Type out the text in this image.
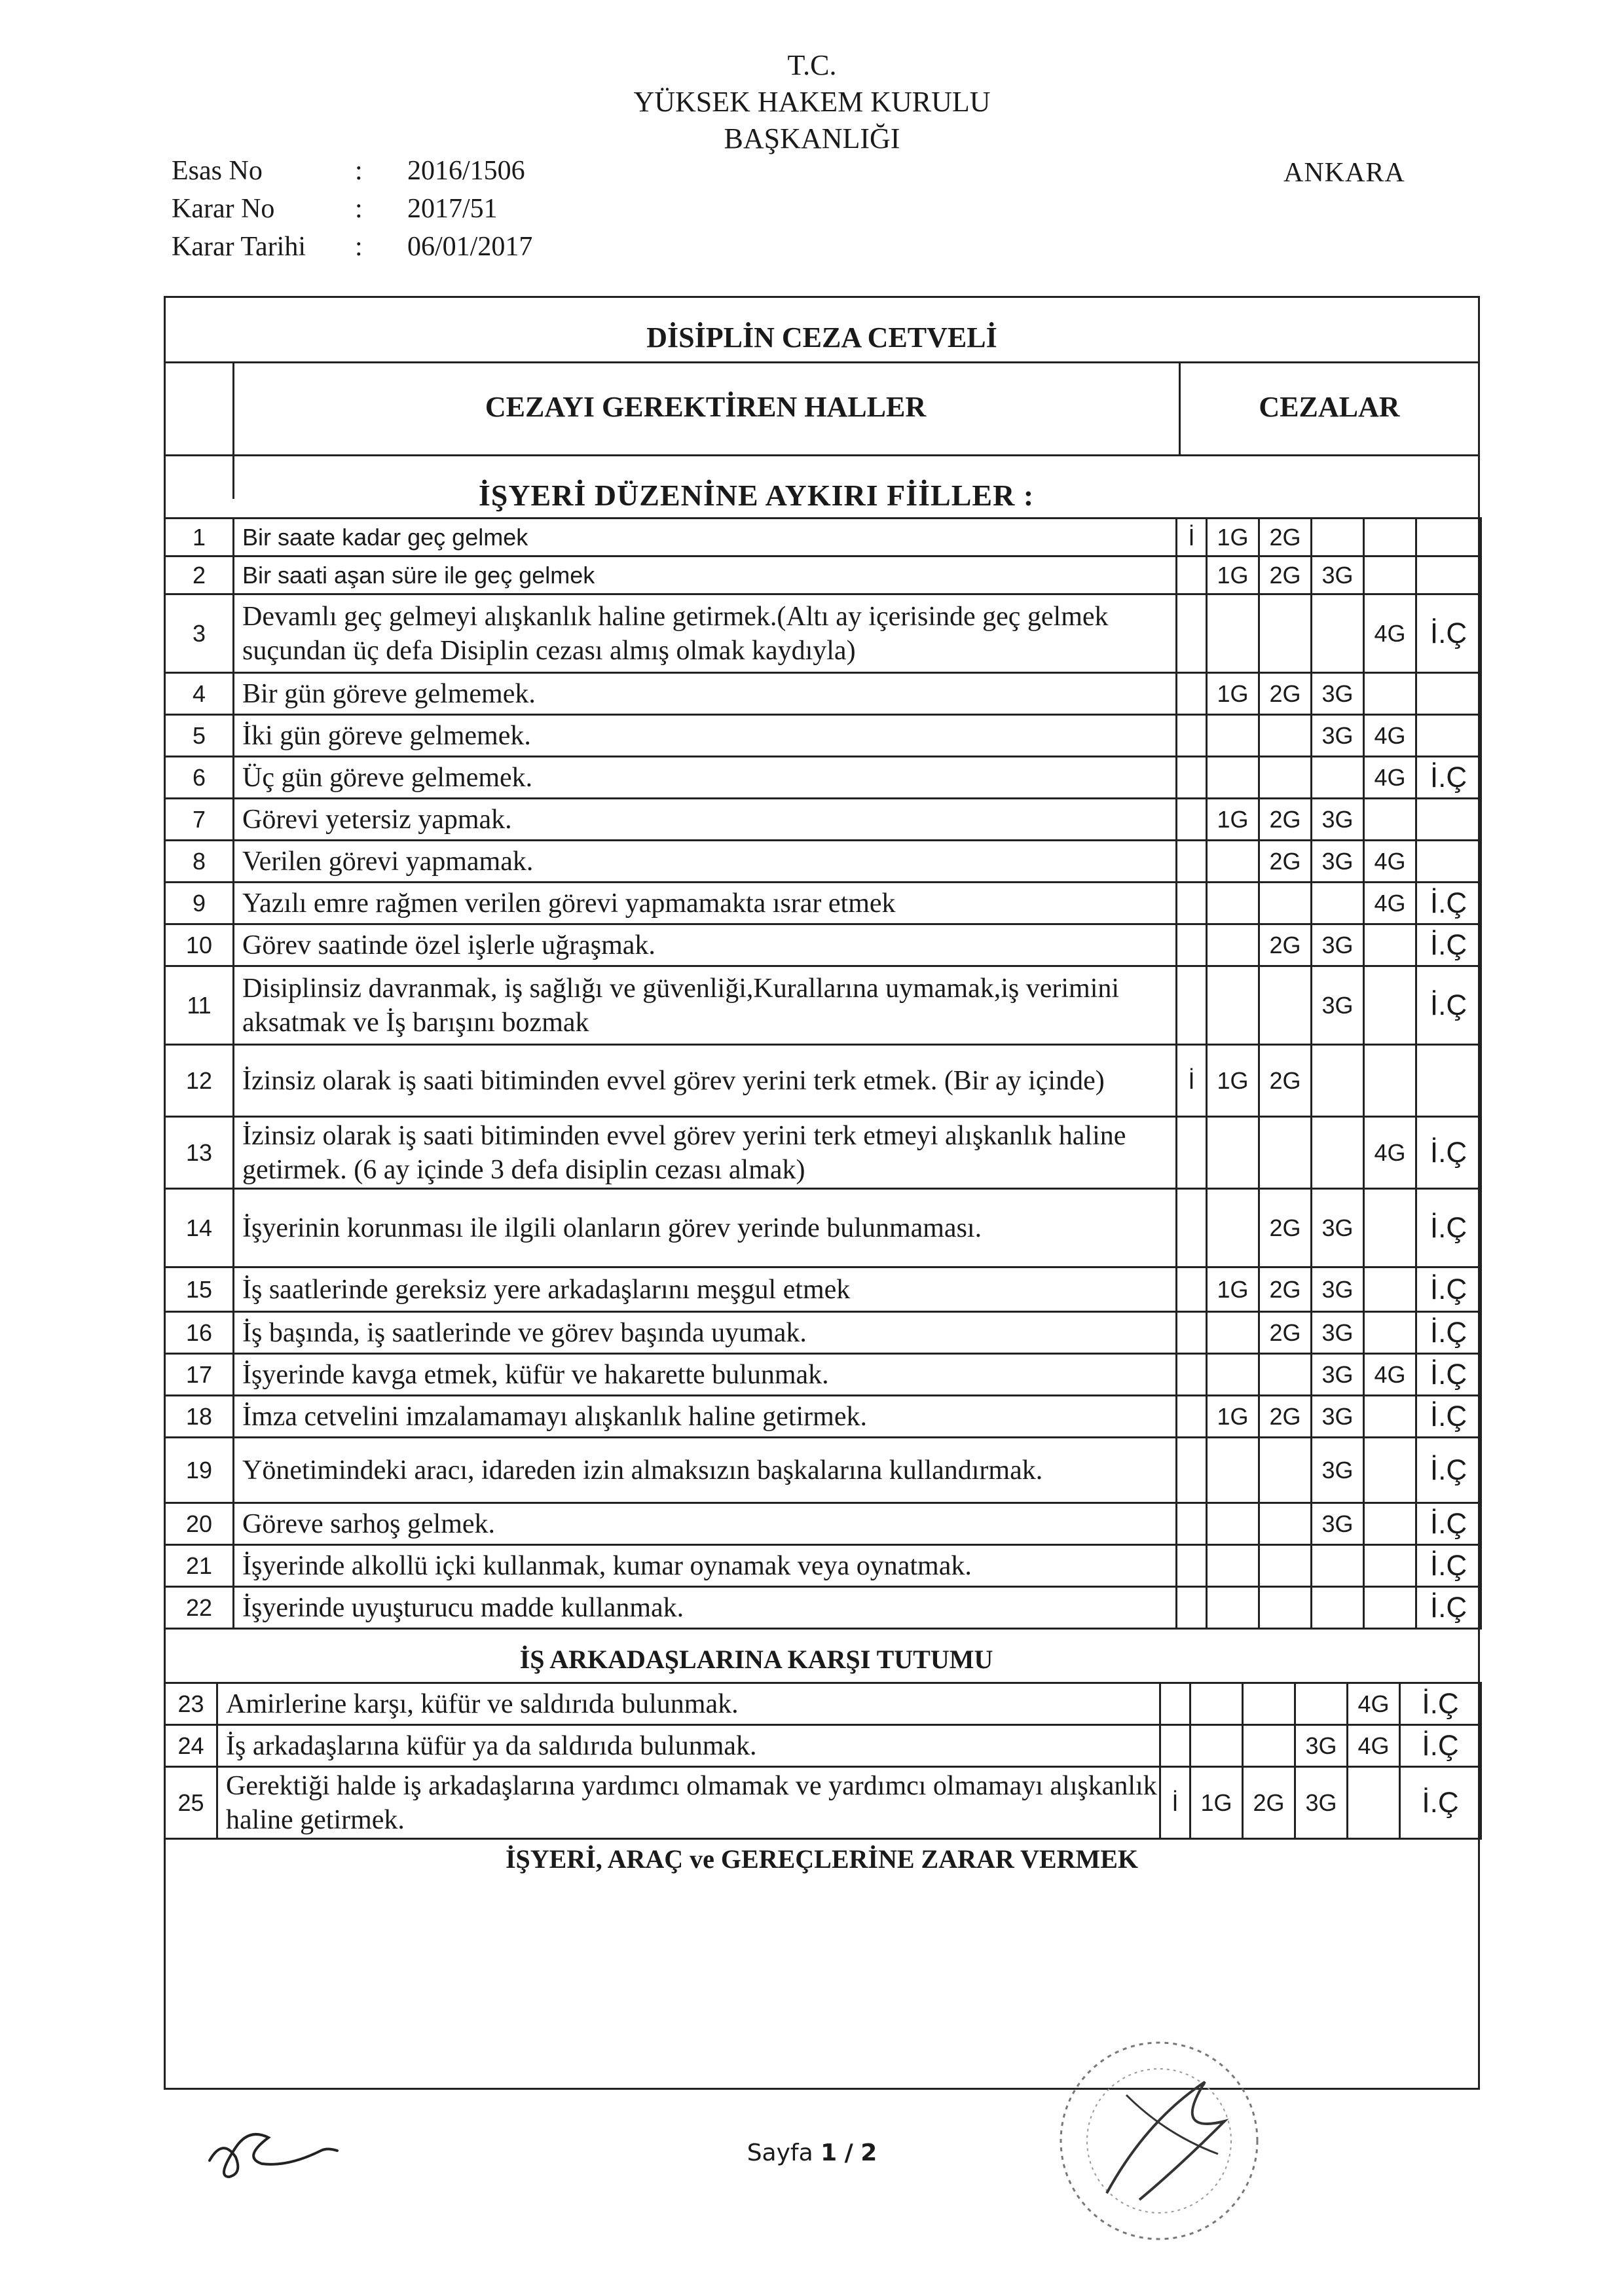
T.C.
YÜKSEK HAKEM KURULU
BAŞKANLIĞI
Esas No	:	2016/1506
Karar No	:	2017/51
Karar Tarihi	:	06/01/2017
ANKARA
DİSİPLİN CEZA CETVELİ
CEZAYI GEREKTİREN HALLER	CEZALAR
İŞYERİ DÜZENİNE AYKIRI FİİLLER :
1	Bir saate kadar geç gelmek	İ	1G	2G			
2	Bir saati aşan süre ile geç gelmek		1G	2G	3G		
3	Devamlı geç gelmeyi alışkanlık haline getirmek.(Altı ay içerisinde geç gelmek suçundan üç defa Disiplin cezası almış olmak kaydıyla)					4G	İ.Ç
4	Bir gün göreve gelmemek.		1G	2G	3G		
5	İki gün göreve gelmemek.				3G	4G	
6	Üç gün göreve gelmemek.					4G	İ.Ç
7	Görevi yetersiz yapmak.		1G	2G	3G		
8	Verilen görevi yapmamak.			2G	3G	4G	
9	Yazılı emre rağmen verilen görevi yapmamakta ısrar etmek					4G	İ.Ç
10	Görev saatinde özel işlerle uğraşmak.			2G	3G		İ.Ç
11	Disiplinsiz davranmak, iş sağlığı ve güvenliği,Kurallarına uymamak,iş verimini aksatmak ve İş barışını bozmak				3G		İ.Ç
12	İzinsiz olarak iş saati bitiminden evvel görev yerini terk etmek. (Bir ay içinde)	İ	1G	2G			
13	İzinsiz olarak iş saati bitiminden evvel görev yerini terk etmeyi alışkanlık haline getirmek. (6 ay içinde 3 defa disiplin cezası almak)					4G	İ.Ç
14	İşyerinin korunması ile ilgili olanların görev yerinde bulunmaması.			2G	3G		İ.Ç
15	İş saatlerinde gereksiz yere arkadaşlarını meşgul etmek		1G	2G	3G		İ.Ç
16	İş başında, iş saatlerinde ve görev başında uyumak.			2G	3G		İ.Ç
17	İşyerinde kavga etmek, küfür ve hakarette bulunmak.				3G	4G	İ.Ç
18	İmza cetvelini imzalamamayı alışkanlık haline getirmek.		1G	2G	3G		İ.Ç
19	Yönetimindeki aracı, idareden izin almaksızın başkalarına kullandırmak.				3G		İ.Ç
20	Göreve sarhoş gelmek.				3G		İ.Ç
21	İşyerinde alkollü içki kullanmak, kumar oynamak veya oynatmak.						İ.Ç
22	İşyerinde uyuşturucu madde kullanmak.						İ.Ç
İŞ ARKADAŞLARINA KARŞI TUTUMU
23	Amirlerine karşı, küfür ve saldırıda bulunmak.					4G	İ.Ç
24	İş arkadaşlarına küfür ya da saldırıda bulunmak.				3G	4G	İ.Ç
25	Gerektiği halde iş arkadaşlarına yardımcı olmamak ve yardımcı olmamayı alışkanlık haline getirmek.	İ	1G	2G	3G		İ.Ç
İŞYERİ, ARAÇ ve GEREÇLERİNE ZARAR VERMEK
Sayfa 1 / 2
